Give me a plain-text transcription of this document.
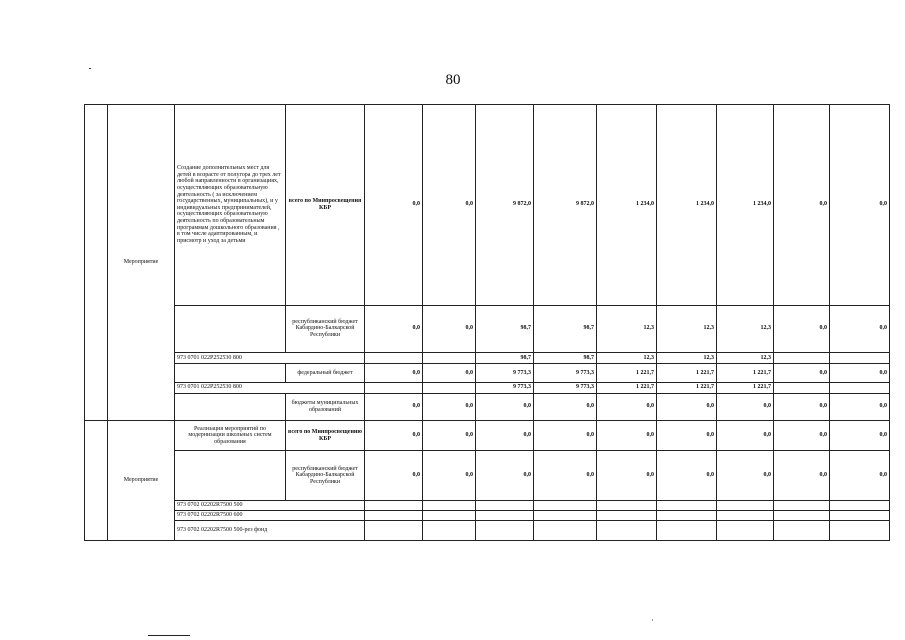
80
	Мероприятие	Создание дополнительных мест для детей в возрасте от полугора до трех лет любой направленности в организациях, осуществляющих образовательную деятельность ( за исключением государственных, муниципальных), и у индивидуальных предпринимателей, осуществляющих образовательную деятельность по образовательным программам дошкольного образования , в том числе адаптированным, и присмотр и уход за детьми	всего по Минпросвещения КБР	0,0	0,0	9 872,0	9 872,0	1 234,0	1 234,0	1 234,0	0,0	0,0
			республиканский бюджет Кабардино-Балкарской Республики	0,0	0,0	98,7	98,7	12,3	12,3	12,3	0,0	0,0
		973 0701 022P252530 800				98,7	98,7	12,3	12,3	12,3		
			федеральный бюджет	0,0	0,0	9 773,3	9 773,3	1 221,7	1 221,7	1 221,7	0,0	0,0
		973 0701 022P252530 800				9 773,3	9 773,3	1 221,7	1 221,7	1 221,7		
			бюджеты муниципальных образований	0,0	0,0	0,0	0,0	0,0	0,0	0,0	0,0	0,0
	Мероприятие	Реализация мероприятий по модернизации школьных систем образования	всего по Минпросвещению КБР	0,0	0,0	0,0	0,0	0,0	0,0	0,0	0,0	0,0
			республиканский бюджет Кабардино-Балкарской Республики	0,0	0,0	0,0	0,0	0,0	0,0	0,0	0,0	0,0
		973 0702 02202R7500 500										
		973 0702 02202R7500 600										
		973 0702 02202R7500 500-рез фонд										
